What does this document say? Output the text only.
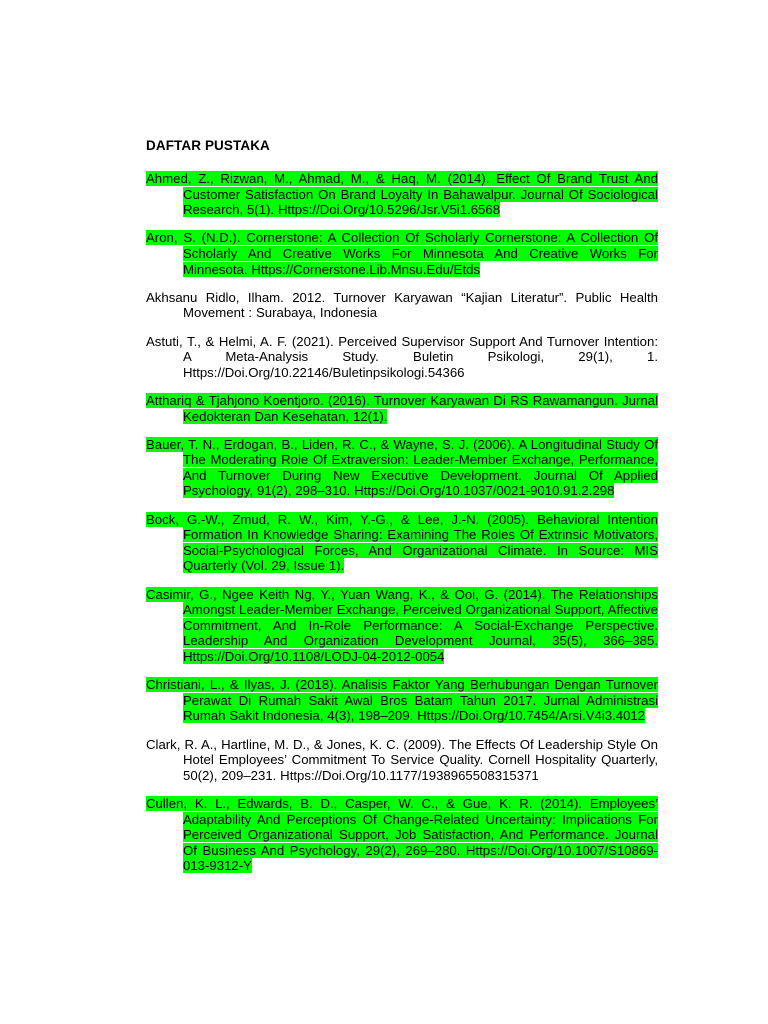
DAFTAR PUSTAKA
Ahmed, Z., Rizwan, M., Ahmad, M., & Haq, M. (2014). Effect Of Brand Trust And Customer Satisfaction On Brand Loyalty In Bahawalpur. Journal Of Sociological Research, 5(1). Https://Doi.Org/10.5296/Jsr.V5i1.6568
Aron, S. (N.D.). Cornerstone: A Collection Of Scholarly Cornerstone: A Collection Of Scholarly And Creative Works For Minnesota And Creative Works For Minnesota. Https://Cornerstone.Lib.Mnsu.Edu/Etds
Akhsanu Ridlo, Ilham. 2012. Turnover Karyawan “Kajian Literatur”. Public Health Movement : Surabaya, Indonesia
Astuti, T., & Helmi, A. F. (2021). Perceived Supervisor Support And Turnover Intention: A Meta-Analysis Study. Buletin Psikologi, 29(1), 1. Https://Doi.Org/10.22146/Buletinpsikologi.54366
Atthariq & Tjahjono Koentjoro. (2016). Turnover Karyawan Di RS Rawamangun. Jurnal Kedokteran Dan Kesehatan, 12(1).
Bauer, T. N., Erdogan, B., Liden, R. C., & Wayne, S. J. (2006). A Longitudinal Study Of The Moderating Role Of Extraversion: Leader-Member Exchange, Performance, And Turnover During New Executive Development. Journal Of Applied Psychology, 91(2), 298–310. Https://Doi.Org/10.1037/0021-9010.91.2.298
Bock, G.-W., Zmud, R. W., Kim, Y.-G., & Lee, J.-N. (2005). Behavioral Intention Formation In Knowledge Sharing: Examining The Roles Of Extrinsic Motivators, Social-Psychological Forces, And Organizational Climate. In Source: MIS Quarterly (Vol. 29, Issue 1).
Casimir, G., Ngee Keith Ng, Y., Yuan Wang, K., & Ooi, G. (2014). The Relationships Amongst Leader-Member Exchange, Perceived Organizational Support, Affective Commitment, And In-Role Performance: A Social-Exchange Perspective. Leadership And Organization Development Journal, 35(5), 366–385. Https://Doi.Org/10.1108/LODJ-04-2012-0054
Christiani, L., & Ilyas, J. (2018). Analisis Faktor Yang Berhubungan Dengan Turnover Perawat Di Rumah Sakit Awal Bros Batam Tahun 2017. Jurnal Administrasi Rumah Sakit Indonesia, 4(3), 198–209. Https://Doi.Org/10.7454/Arsi.V4i3.4012
Clark, R. A., Hartline, M. D., & Jones, K. C. (2009). The Effects Of Leadership Style On Hotel Employees’ Commitment To Service Quality. Cornell Hospitality Quarterly, 50(2), 209–231. Https://Doi.Org/10.1177/1938965508315371
Cullen, K. L., Edwards, B. D., Casper, W. C., & Gue, K. R. (2014). Employees’ Adaptability And Perceptions Of Change-Related Uncertainty: Implications For Perceived Organizational Support, Job Satisfaction, And Performance. Journal Of Business And Psychology, 29(2), 269–280. Https://Doi.Org/10.1007/S10869-013-9312-Y
